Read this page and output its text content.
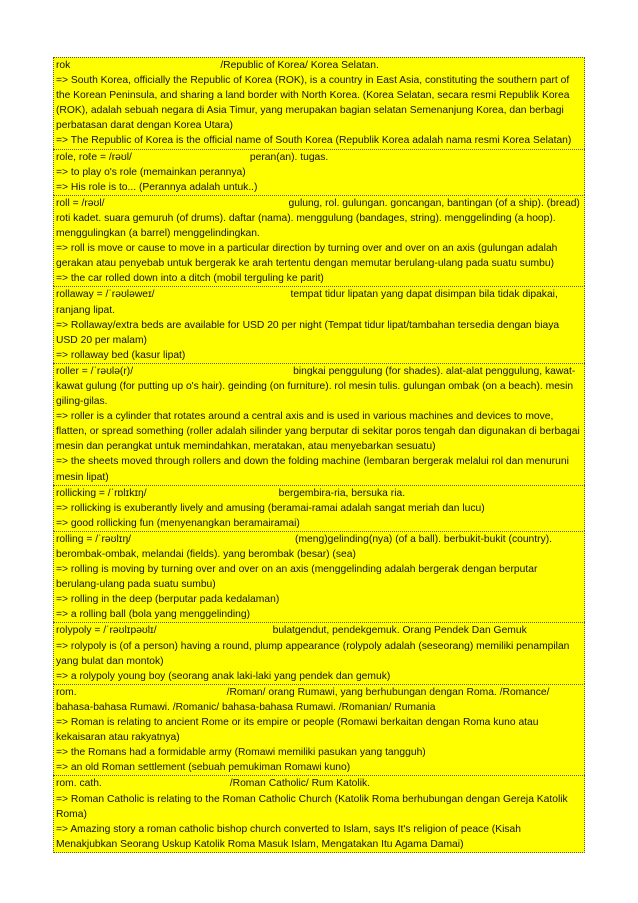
rok	/Republic of Korea/ Korea Selatan.
=> South Korea, officially the Republic of Korea (ROK), is a country in East Asia, constituting the southern part of the Korean Peninsula, and sharing a land border with North Korea. (Korea Selatan, secara resmi Republik Korea (ROK), adalah sebuah negara di Asia Timur, yang merupakan bagian selatan Semenanjung Korea, dan berbagi perbatasan darat dengan Korea Utara)
=> The Republic of Korea is the official name of South Korea (Republik Korea adalah nama resmi Korea Selatan)
role, roℓe = /rəʊl/	peran(an). tugas.
=> to play o's role (memainkan perannya)
=> His role is to... (Perannya adalah untuk..)
roll = /rəʊl/	gulung, rol. gulungan. goncangan, bantingan (of a ship). (bread) roti kadet. suara gemuruh (of drums). daftar (nama). menggulung (bandages, string). menggelinding (a hoop). menggulingkan (a barrel) menggelindingkan.
=> roll is move or cause to move in a particular direction by turning over and over on an axis (gulungan adalah gerakan atau penyebab untuk bergerak ke arah tertentu dengan memutar berulang-ulang pada suatu sumbu)
=> the car rolled down into a ditch (mobil terguling ke parit)
rollaway = /ˈrəʊləweɪ/	tempat tidur lipatan yang dapat disimpan bila tidak dipakai, ranjang lipat.
=> Rollaway/extra beds are available for USD 20 per night (Tempat tidur lipat/tambahan tersedia dengan biaya USD 20 per malam)
=> rollaway bed (kasur lipat)
roller = /ˈrəʊlə(r)/	bingkai penggulung (for shades). alat-alat penggulung, kawat-kawat gulung (for putting up o's hair). geinding (on furniture). rol mesin tulis. gulungan ombak (on a beach). mesin giling-gilas.
=> roller is a cylinder that rotates around a central axis and is used in various machines and devices to move, flatten, or spread something (roller adalah silinder yang berputar di sekitar poros tengah dan digunakan di berbagai mesin dan perangkat untuk memindahkan, meratakan, atau menyebarkan sesuatu)
=> the sheets moved through rollers and down the folding machine (lembaran bergerak melalui rol dan menuruni mesin lipat)
rollicking = /ˈrɒlɪkɪŋ/	bergembira-ria, bersuka ria.
=> rollicking is exuberantly lively and amusing (beramai-ramai adalah sangat meriah dan lucu)
=> good rollicking fun (menyenangkan beramairamai)
rolling = /ˈrəʊlɪŋ/	(meng)gelinding(nya) (of a ball). berbukit-bukit (country). berombak-ombak, melandai (fields). yang berombak (besar) (sea)
=> rolling is moving by turning over and over on an axis (menggelinding adalah bergerak dengan berputar berulang-ulang pada suatu sumbu)
=> rolling in the deep (berputar pada kedalaman)
=> a rolling ball (bola yang menggelinding)
rolypoly = /ˈrəʊlɪpəʊlɪ/	bulatgendut, pendekgemuk. Orang Pendek Dan Gemuk
=> rolypoly is (of a person) having a round, plump appearance (rolypoly adalah (seseorang) memiliki penampilan yang bulat dan montok)
=> a rolypoly young boy (seorang anak laki-laki yang pendek dan gemuk)
rom.	/Roman/ orang Rumawi, yang berhubungan dengan Roma. /Romance/ bahasa-bahasa Rumawi. /Romanic/ bahasa-bahasa Rumawi. /Romanian/ Rumania
=> Roman is relating to ancient Rome or its empire or people (Romawi berkaitan dengan Roma kuno atau kekaisaran atau rakyatnya)
=> the Romans had a formidable army (Romawi memiliki pasukan yang tangguh)
=> an old Roman settlement (sebuah pemukiman Romawi kuno)
rom. cath.	/Roman Catholic/ Rum Katolik.
=> Roman Catholic is relating to the Roman Catholic Church (Katolik Roma berhubungan dengan Gereja Katolik Roma)
=> Amazing story a roman catholic bishop church converted to Islam, says It's religion of peace (Kisah Menakjubkan Seorang Uskup Katolik Roma Masuk Islam, Mengatakan Itu Agama Damai)
